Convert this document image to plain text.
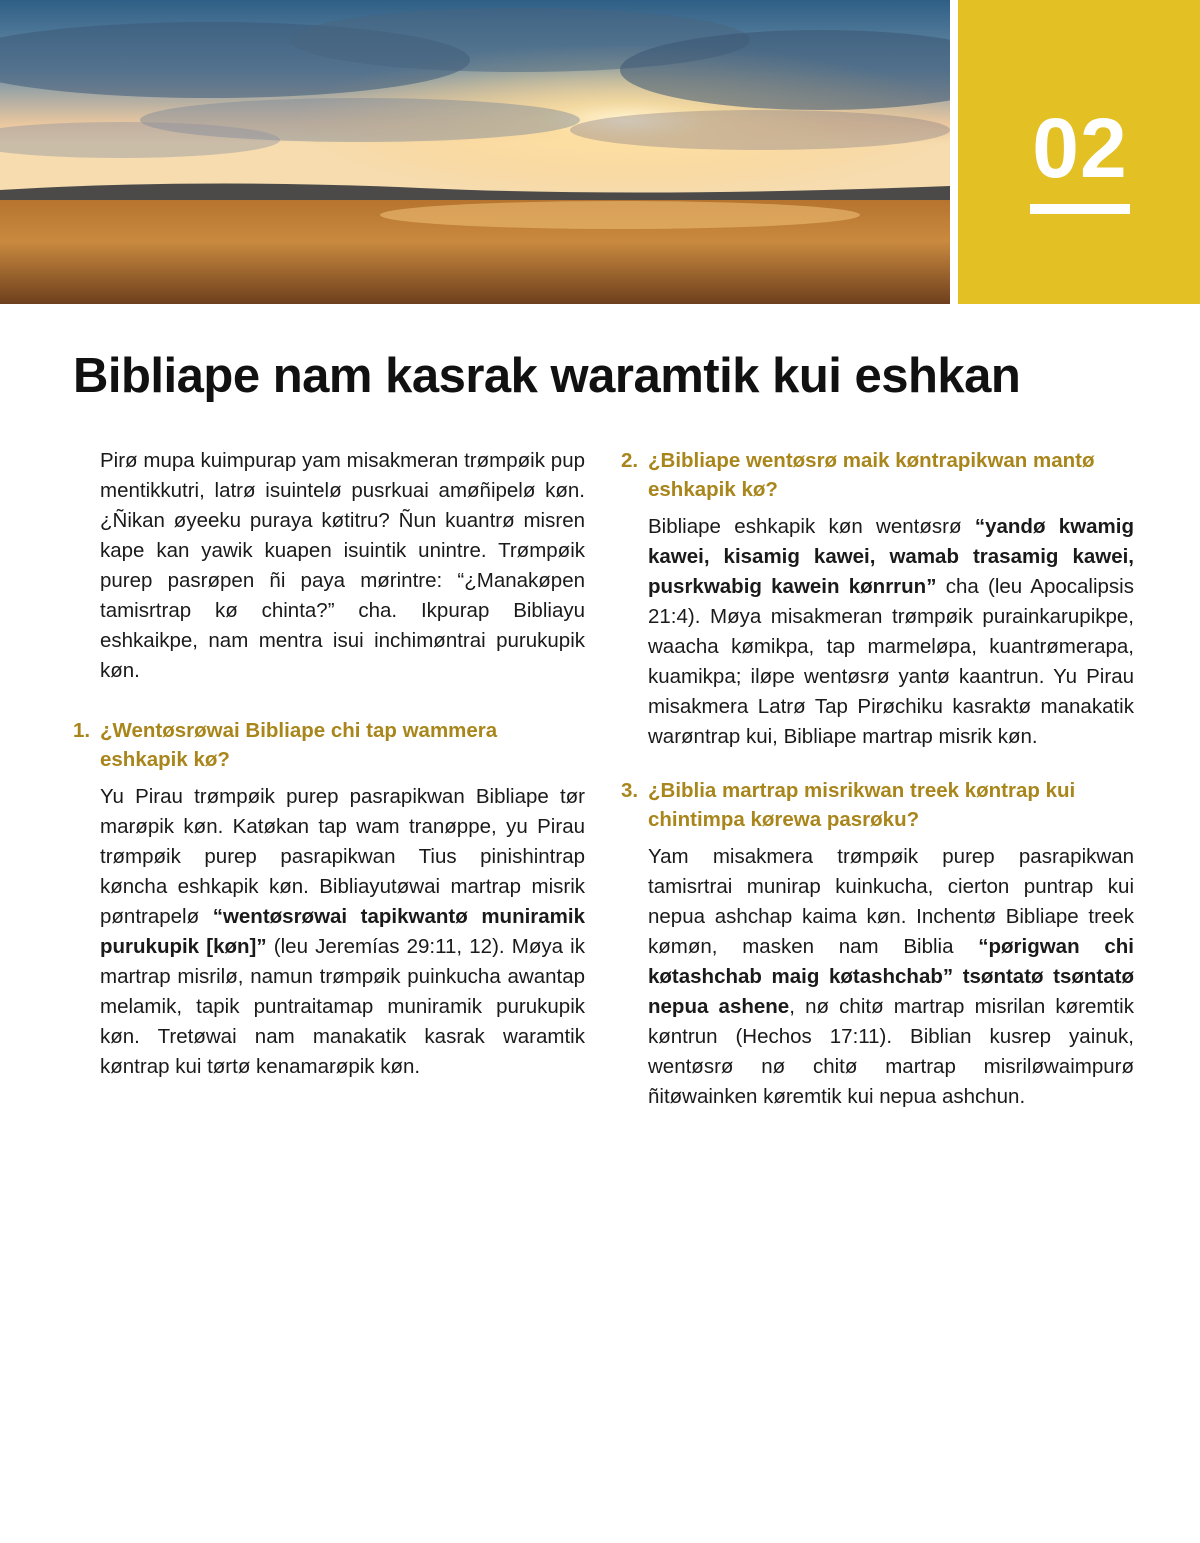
02
Bibliape nam kasrak waramtik kui eshkan

Pirø mupa kuimpurap yam misakmeran trømpøik pup mentikkutri, latrø isuintelø pusrkuai amøñipelø køn. ¿Ñikan øyeeku puraya køtitru? Ñun kuantrø misren kape kan yawik kuapen isuintik unintre. Trømpøik purep pasrøpen ñi paya mørintre: “¿Manakøpen tamisrtrap kø chinta?” cha. Ikpurap Bibliayu eshkaikpe, nam mentra isui inchimøntrai purukupik køn.

1. ¿Wentøsrøwai Bibliape chi tap wammera eshkapik kø?

Yu Pirau trømpøik purep pasrapikwan Bibliape tør marøpik køn. Katøkan tap wam tranøppe, yu Pirau trømpøik purep pasrapikwan Tius pinishintrap køncha eshkapik køn. Bibliayutøwai martrap misrik pøntrapelø “wentøsrøwai tapikwantø muniramik purukupik [køn]” (leu Jeremías 29:11, 12). Møya ik martrap misrilø, namun trømpøik puinkucha awantap melamik, tapik puntraitamap muniramik purukupik køn. Tretøwai nam manakatik kasrak waramtik køntrap kui tørtø kenamarøpik køn.

2. ¿Bibliape wentøsrø maik køntrapikwan mantø eshkapik kø?

Bibliape eshkapik køn wentøsrø “yandø kwamig kawei, kisamig kawei, wamab trasamig kawei, pusrkwabig kawein kønrrun” cha (leu Apocalipsis 21:4). Møya misakmeran trømpøik purainkarupikpe, waacha kømikpa, tap marmeløpa, kuantrømerapa, kuamikpa; iløpe wentøsrø yantø kaantrun. Yu Pirau misakmera Latrø Tap Pirøchiku kasraktø manakatik warøntrap kui, Bibliape martrap misrik køn.

3. ¿Biblia martrap misrikwan treek køntrap kui chintimpa kørewa pasrøku?

Yam misakmera trømpøik purep pasrapikwan tamisrtrai munirap kuinkucha, cierton puntrap kui nepua ashchap kaima køn. Inchentø Bibliape treek kømøn, masken nam Biblia “pørigwan chi køtashchab maig køtashchab” tsøntatø tsøntatø nepua ashene, nø chitø martrap misrilan køremtik køntrun (Hechos 17:11). Biblian kusrep yainuk, wentøsrø nø chitø martrap misriløwaimpurø ñitøwainken køremtik kui nepua ashchun.
